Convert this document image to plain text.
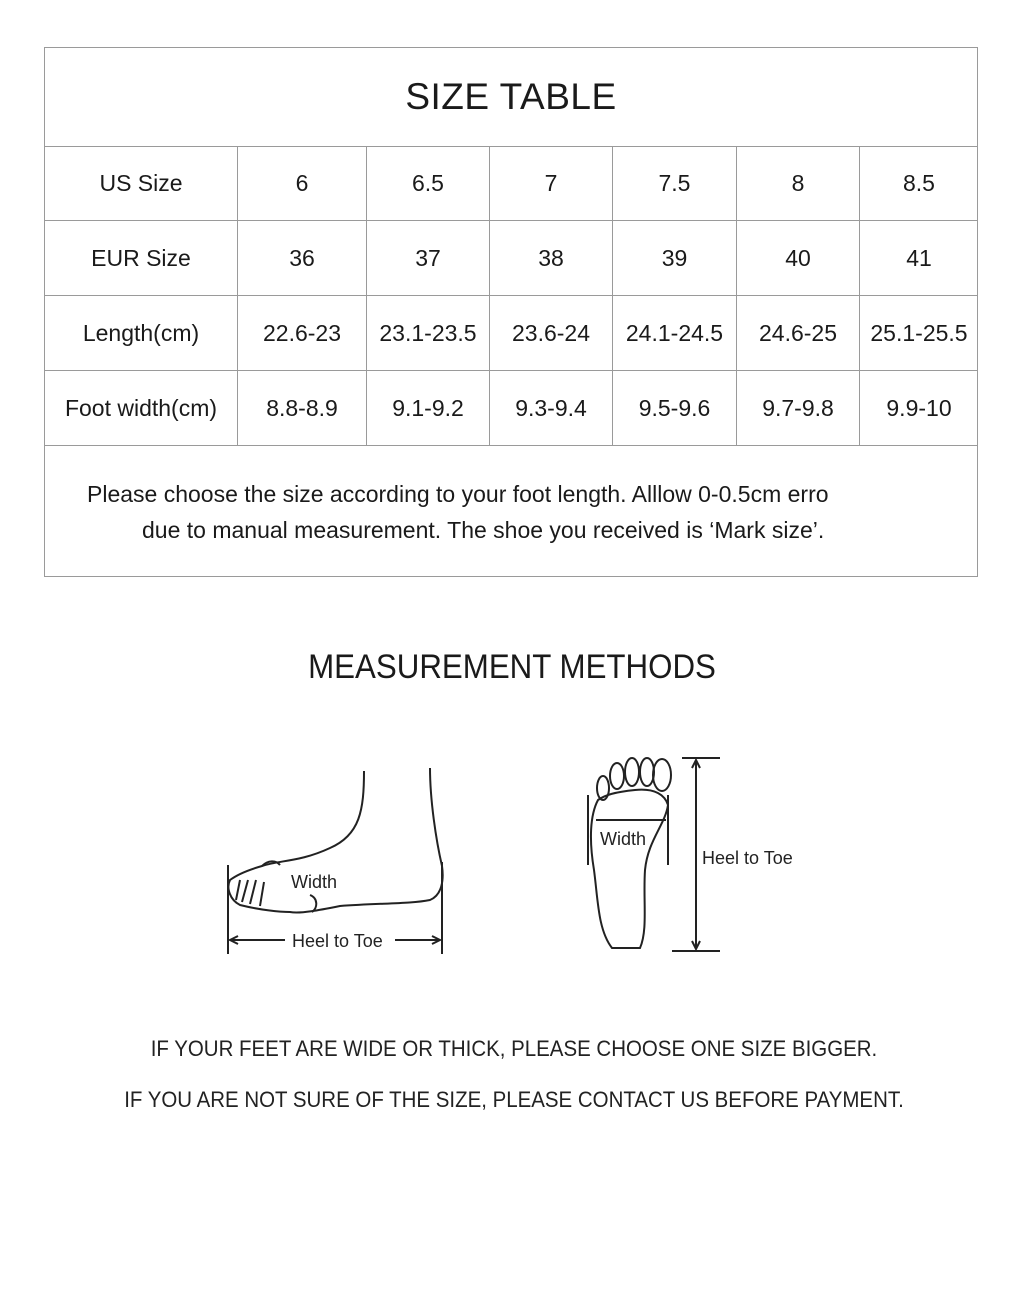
SIZE TABLE
US Size	6	6.5	7	7.5	8	8.5
EUR Size	36	37	38	39	40	41
Length(cm)	22.6-23	23.1-23.5	23.6-24	24.1-24.5	24.6-25	25.1-25.5
Foot width(cm)	8.8-8.9	9.1-9.2	9.3-9.4	9.5-9.6	9.7-9.8	9.9-10
Please choose the size according to your foot length. Alllow 0-0.5cm erro
due to manual measurement. The shoe you received is ‘Mark size’.
MEASUREMENT METHODS
Width
Heel to Toe
Width
Heel to Toe
IF YOUR FEET ARE WIDE OR THICK, PLEASE CHOOSE ONE SIZE BIGGER.
IF YOU ARE NOT SURE OF THE SIZE, PLEASE CONTACT US BEFORE PAYMENT.
